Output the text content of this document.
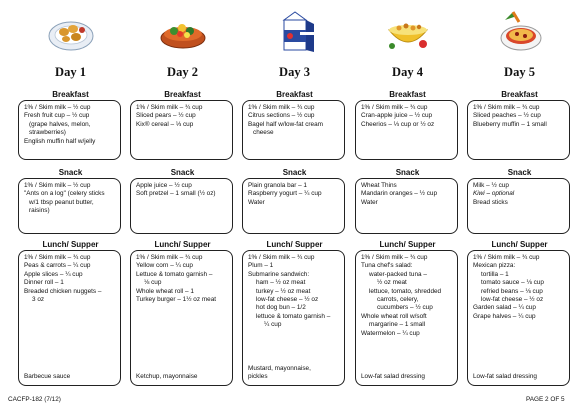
Day 1
Breakfast
1% / Skim milk – ½ cup
Fresh fruit cup – ½ cup
(grape halves, melon,
strawberries)
English muffin half w/jelly
Snack
1% / Skim milk – ½ cup
"Ants on a log" (celery sticks
w/1 tbsp peanut butter,
raisins)
Lunch/ Supper
1% / Skim milk – ¾ cup
Peas & carrots – ¼ cup
Apple slices – ¼ cup
Dinner roll – 1
Breaded chicken nuggets –
3 oz
Barbecue sauce
Day 2
Breakfast
1% / Skim milk – ¾ cup
Sliced pears – ½ cup
Kix® cereal – ⅓ cup
Snack
Apple juice – ½ cup
Soft pretzel – 1 small (½ oz)
Lunch/ Supper
1% / Skim milk – ¾ cup
Yellow corn – ¼ cup
Lettuce & tomato garnish –
⅛ cup
Whole wheat roll – 1
Turkey burger – 1½ oz meat
Ketchup, mayonnaise
Day 3
Breakfast
1% / Skim milk – ¾ cup
Citrus sections – ½ cup
Bagel half w/low-fat cream
cheese
Snack
Plain granola bar – 1
Raspberry yogurt – ¼ cup
Water
Lunch/ Supper
1% / Skim milk – ¾ cup
Plum – 1
Submarine sandwich:
ham – ½ oz meat
turkey – ½ oz meat
low-fat cheese – ½ oz
hot dog bun – 1/2
lettuce & tomato garnish –
¼ cup
Mustard, mayonnaise,
pickles
Day 4
Breakfast
1% / Skim milk – ¾ cup
Cran-apple juice – ½ cup
Cheerios – ⅓ cup or ½ oz
Snack
Wheat Thins
Mandarin oranges – ½ cup
Water
Lunch/ Supper
1% / Skim milk – ¾ cup
Tuna chef's salad:
water-packed tuna –
½ oz meat
lettuce, tomato, shredded
carrots, celery,
cucumbers – ½ cup
Whole wheat roll w/soft
margarine – 1 small
Watermelon – ¼ cup
Low-fat salad dressing
Day 5
Breakfast
1% / Skim milk – ¾ cup
Sliced peaches – ½ cup
Blueberry muffin – 1 small
Snack
Milk – ½ cup
Kiwi – optional
Bread sticks
Lunch/ Supper
1% / Skim milk – ¾ cup
Mexican pizza:
tortilla – 1
tomato sauce – ⅛ cup
refried beans – ⅛ cup
low-fat cheese – ½ oz
Garden salad – ¼ cup
Grape halves – ¼ cup
Low-fat salad dressing
CACFP-182 (7/12)	PAGE 2 OF 5
